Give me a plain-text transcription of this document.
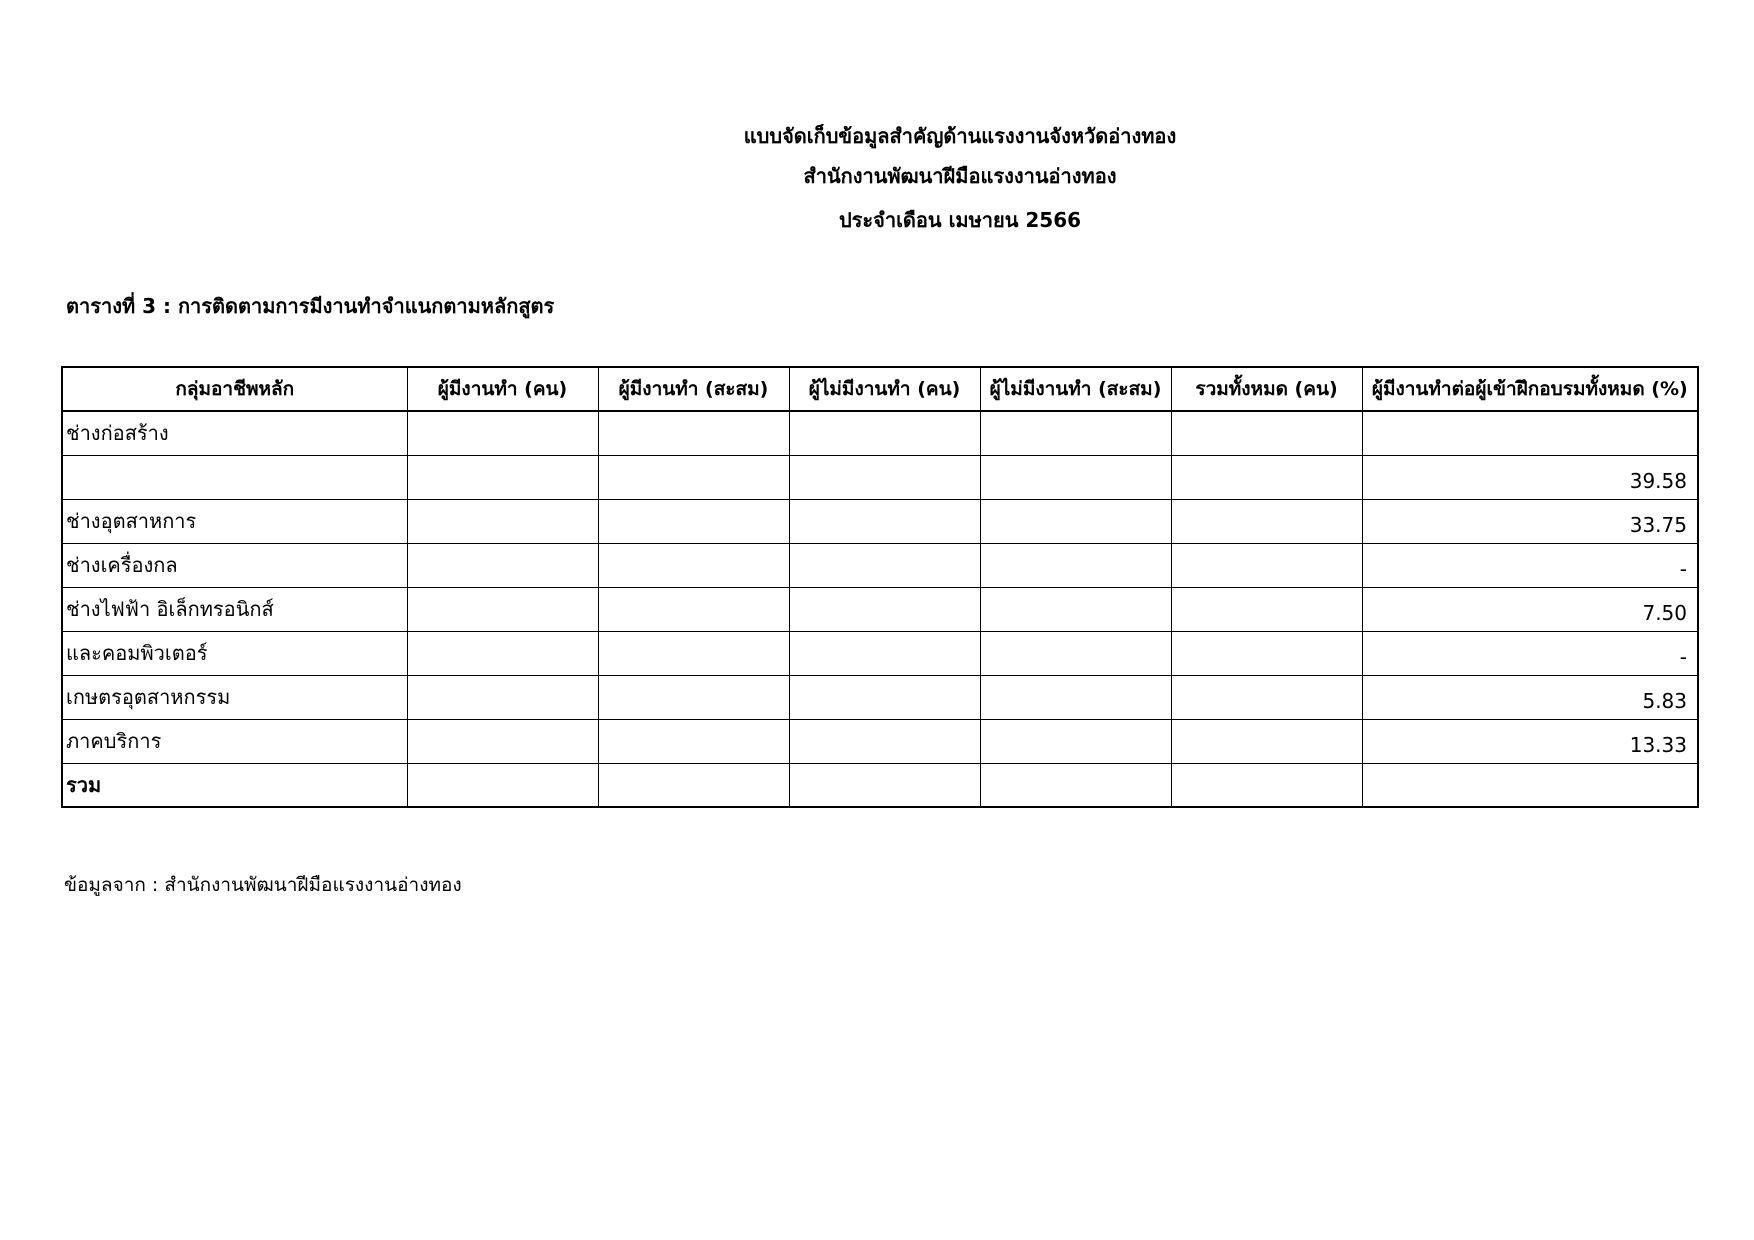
แบบจัดเก็บข้อมูลสำคัญด้านแรงงานจังหวัดอ่างทอง
สำนักงานพัฒนาฝีมือแรงงานอ่างทอง
ประจำเดือน เมษายน 2566
ตารางที่ 3 : การติดตามการมีงานทำจำแนกตามหลักสูตร
กลุ่มอาชีพหลัก	ผู้มีงานทำ (คน)	ผู้มีงานทำ (สะสม)	ผู้ไม่มีงานทำ (คน)	ผู้ไม่มีงานทำ (สะสม)	รวมทั้งหมด (คน)	ผู้มีงานทำต่อผู้เข้าฝึกอบรมทั้งหมด (%)
ช่างก่อสร้าง						
						39.58
ช่างอุตสาหการ						33.75
ช่างเครื่องกล						-
ช่างไฟฟ้า อิเล็กทรอนิกส์						7.50
และคอมพิวเตอร์						-
เกษตรอุตสาหกรรม						5.83
ภาคบริการ						13.33
รวม						
ข้อมูลจาก : สำนักงานพัฒนาฝีมือแรงงานอ่างทอง
